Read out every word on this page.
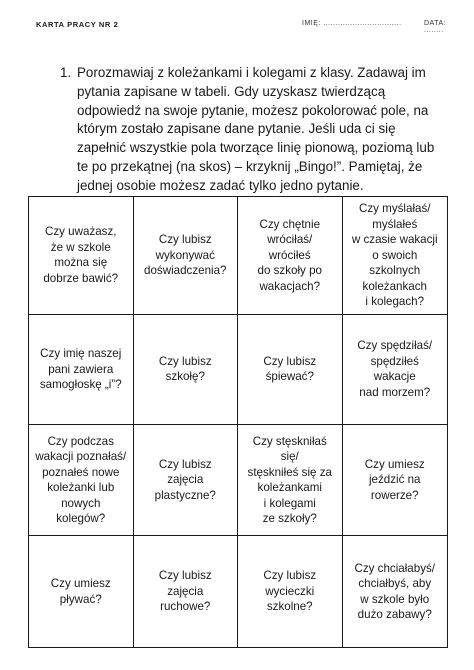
KARTA PRACY NR 2	IMIĘ: ................................	DATA: ........
1. Porozmawiaj z koleżankami i kolegami z klasy. Zadawaj im pytania zapisane w tabeli. Gdy uzyskasz twierdzącą odpowiedź na swoje pytanie, możesz pokolorować pole, na którym zostało zapisane dane pytanie. Jeśli uda ci się zapełnić wszystkie pola tworzące linię pionową, poziomą lub te po przekątnej (na skos) – krzyknij „Bingo!”. Pamiętaj, że jednej osobie możesz zadać tylko jedno pytanie.
Czy uważasz,
że w szkole
można się
dobrze bawić?
Czy lubisz
wykonywać
doświadczenia?
Czy chętnie
wróciłaś/
wróciłeś
do szkoły po
wakacjach?
Czy myślałaś/
myślałeś
w czasie wakacji
o swoich
szkolnych
koleżankach
i kolegach?
Czy imię naszej
pani zawiera
samogłoskę „i”?
Czy lubisz
szkołę?
Czy lubisz
śpiewać?
Czy spędziłaś/
spędziłeś wakacje
nad morzem?
Czy podczas
wakacji poznałaś/
poznałeś nowe
koleżanki lub
nowych kolegów?
Czy lubisz zajęcia
plastyczne?
Czy stęskniłaś się/
stęskniłeś się za
koleżankami
i kolegami
ze szkoły?
Czy umiesz
jeździć na
rowerze?
Czy umiesz
pływać?
Czy lubisz zajęcia
ruchowe?
Czy lubisz
wycieczki
szkolne?
Czy chciałabyś/
chciałbyś, aby
w szkole było
dużo zabawy?
